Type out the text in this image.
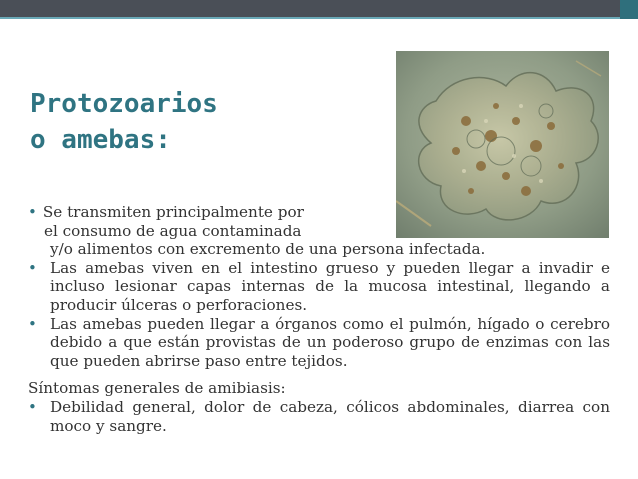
Protozoarios
o amebas:
• Se transmiten principalmente por
el consumo de agua contaminada
y/o alimentos con excremento de una persona infectada.
• Las amebas viven en el intestino grueso y pueden llegar a invadir e incluso lesionar capas internas de la mucosa intestinal, llegando a producir úlceras o perforaciones.
• Las amebas pueden llegar a órganos como el pulmón, hígado o cerebro debido a que están provistas de un poderoso grupo de enzimas con las que pueden abrirse paso entre tejidos.
Síntomas generales de amibiasis:
• Debilidad general, dolor de cabeza, cólicos abdominales, diarrea con moco y sangre.
